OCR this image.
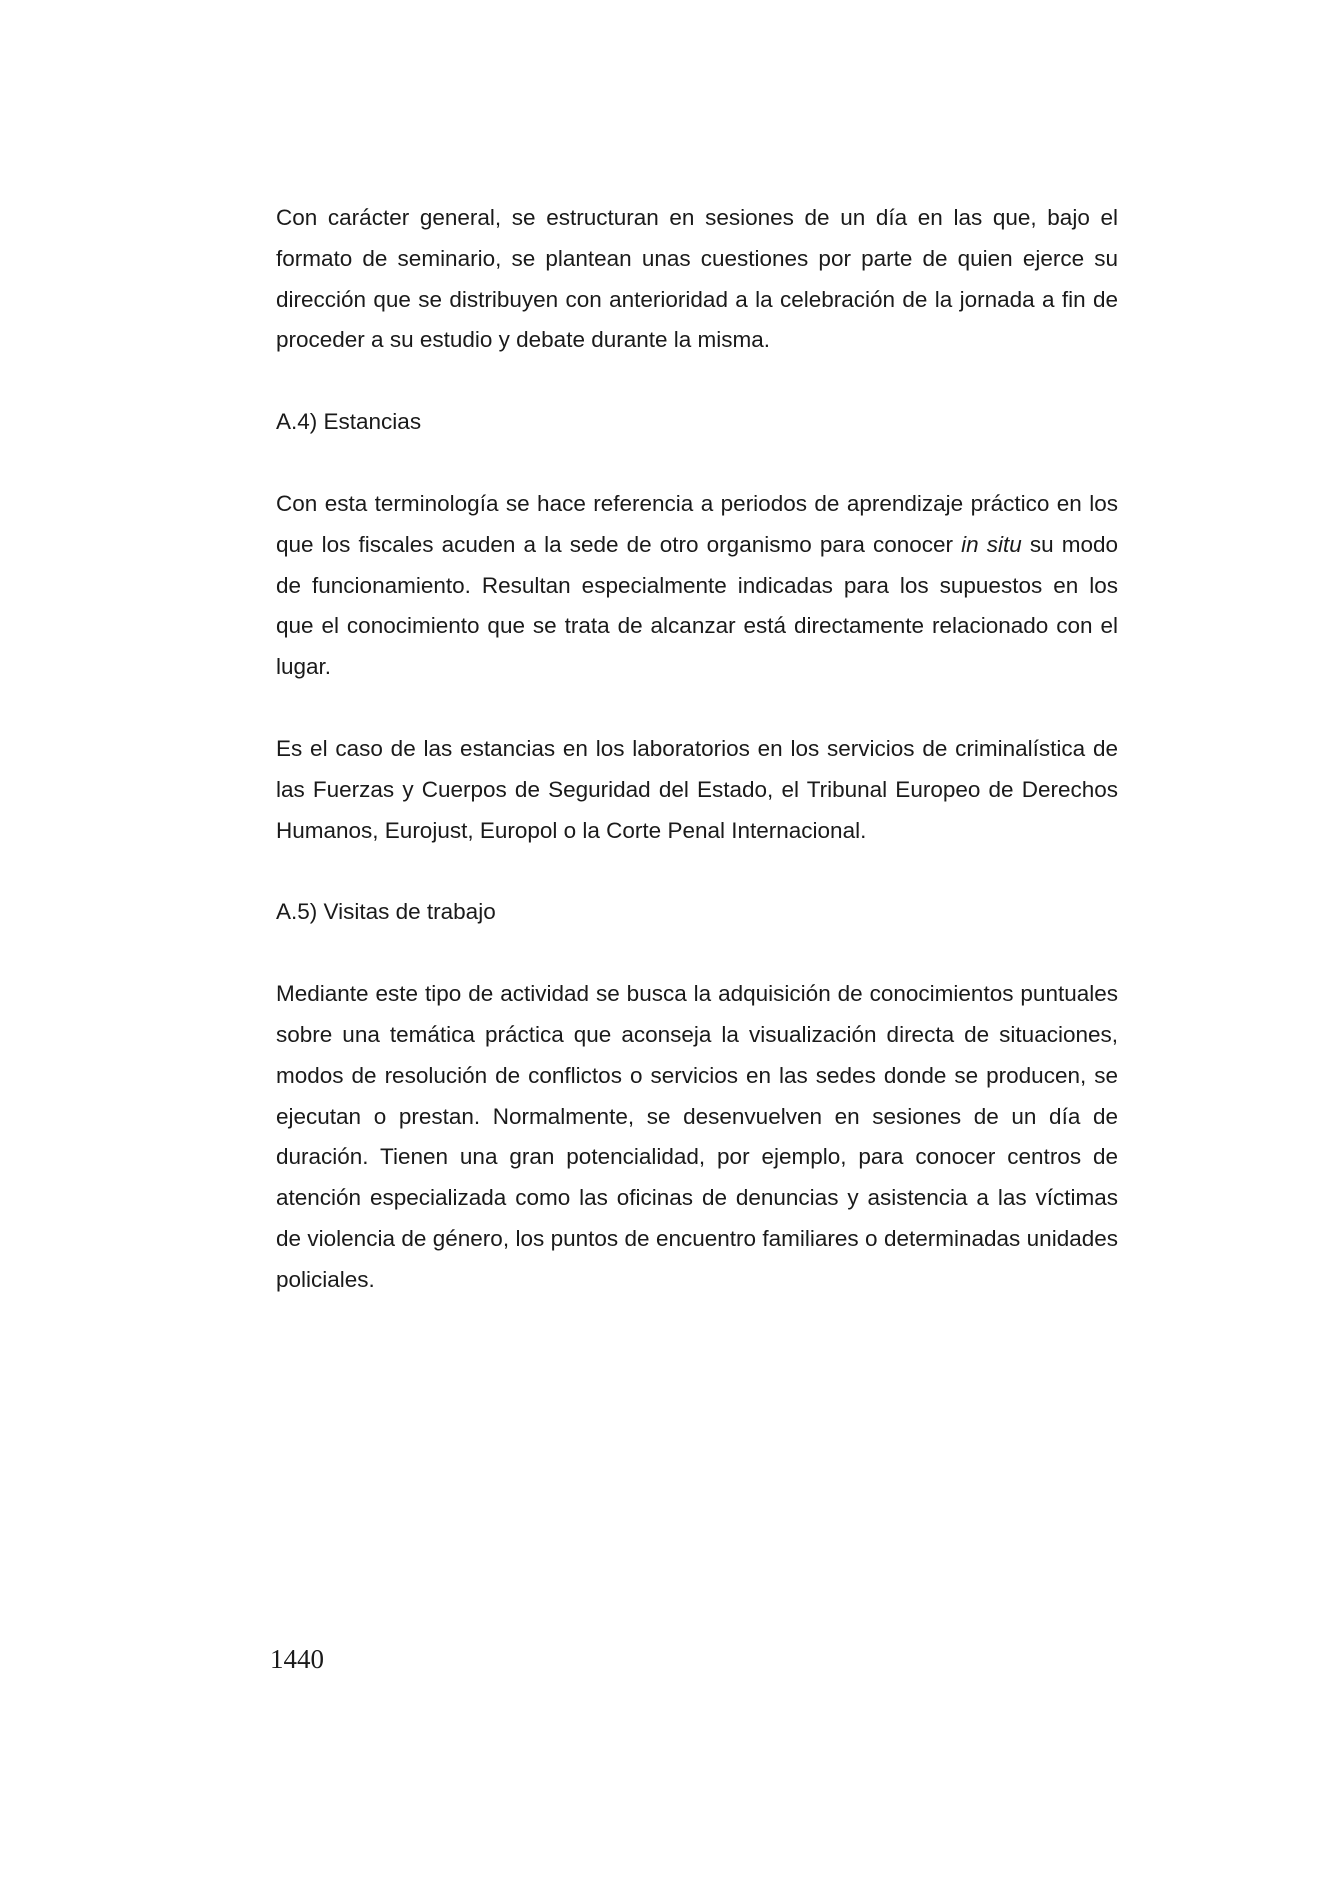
Con carácter general, se estructuran en sesiones de un día en las que, bajo el formato de seminario, se plantean unas cuestiones por parte de quien ejerce su dirección que se distribuyen con anterioridad a la celebración de la jornada a fin de proceder a su estudio y debate durante la misma.

A.4) Estancias

Con esta terminología se hace referencia a periodos de aprendizaje práctico en los que los fiscales acuden a la sede de otro organismo para conocer in situ su modo de funcionamiento. Resultan especialmente indicadas para los supuestos en los que el conocimiento que se trata de alcanzar está directamente relacionado con el lugar.

Es el caso de las estancias en los laboratorios en los servicios de criminalística de las Fuerzas y Cuerpos de Seguridad del Estado, el Tribunal Europeo de Derechos Humanos, Eurojust, Europol o la Corte Penal Internacional.

A.5) Visitas de trabajo

Mediante este tipo de actividad se busca la adquisición de conocimientos puntuales sobre una temática práctica que aconseja la visualización directa de situaciones, modos de resolución de conflictos o servicios en las sedes donde se producen, se ejecutan o prestan. Normalmente, se desenvuelven en sesiones de un día de duración. Tienen una gran potencialidad, por ejemplo, para conocer centros de atención especializada como las oficinas de denuncias y asistencia a las víctimas de violencia de género, los puntos de encuentro familiares o determinadas unidades policiales.

1440
